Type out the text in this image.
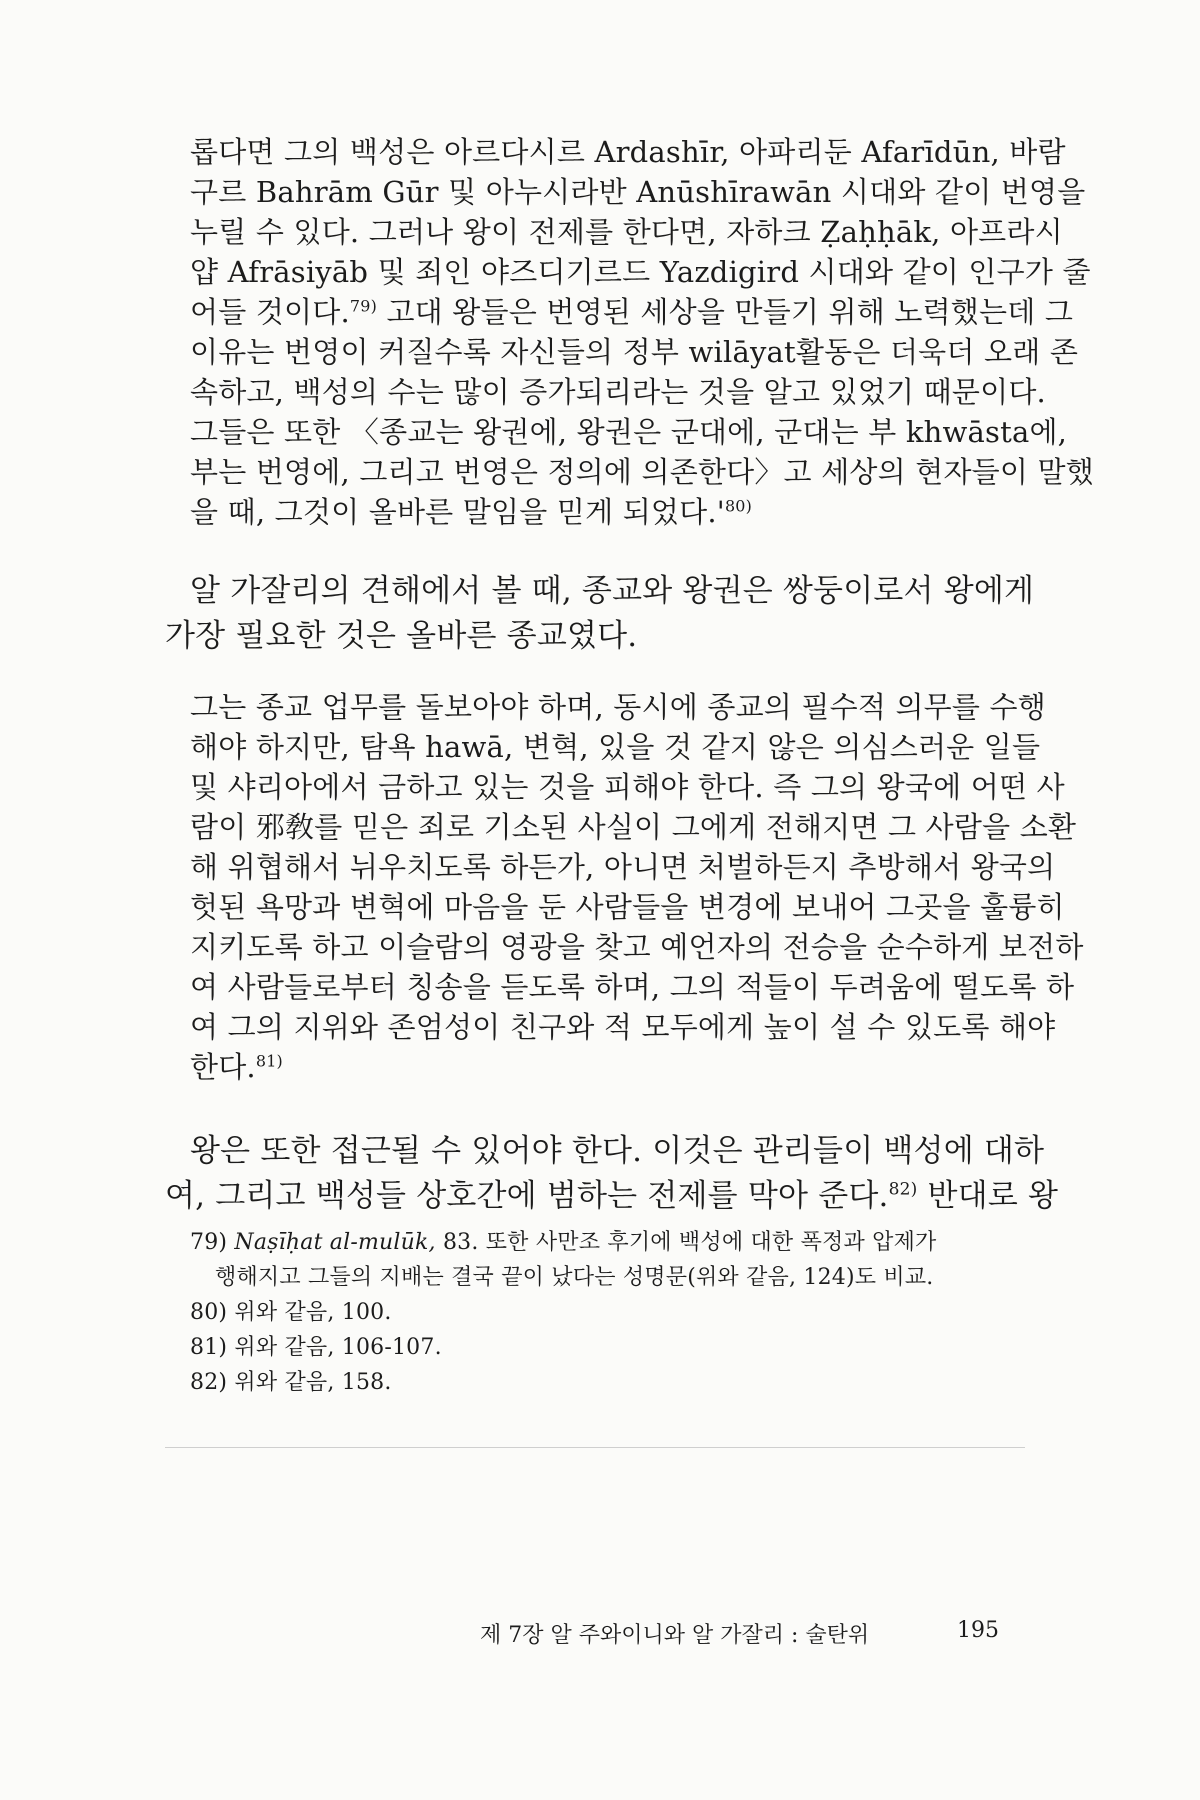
롭다면 그의 백성은 아르다시르 Ardashīr, 아파리둔 Afarīdūn, 바람
구르 Bahrām Gūr 및 아누시라반 Anūshīrawān 시대와 같이 번영을
누릴 수 있다. 그러나 왕이 전제를 한다면, 자하크 Ẓaḥḥāk, 아프라시
얍 Afrāsiyāb 및 죄인 야즈디기르드 Yazdigird 시대와 같이 인구가 줄
어들 것이다.$^{79)}$ 고대 왕들은 번영된 세상을 만들기 위해 노력했는데 그
이유는 번영이 커질수록 자신들의 정부 wilāyat활동은 더욱더 오래 존
속하고, 백성의 수는 많이 증가되리라는 것을 알고 있었기 때문이다.
그들은 또한 〈종교는 왕권에, 왕권은 군대에, 군대는 부 khwāsta에,
부는 번영에, 그리고 번영은 정의에 의존한다〉고 세상의 현자들이 말했
을 때, 그것이 올바른 말임을 믿게 되었다$.'^{80)}$
알 가잘리의 견해에서 볼 때, 종교와 왕권은 쌍둥이로서 왕에게
가장 필요한 것은 올바른 종교였다.
그는 종교 업무를 돌보아야 하며, 동시에 종교의 필수적 의무를 수행
해야 하지만, 탐욕 hawā, 변혁, 있을 것 같지 않은 의심스러운 일들
및 샤리아에서 금하고 있는 것을 피해야 한다. 즉 그의 왕국에 어떤 사
람이 邪敎를 믿은 죄로 기소된 사실이 그에게 전해지면 그 사람을 소환
해 위협해서 뉘우치도록 하든가, 아니면 처벌하든지 추방해서 왕국의
헛된 욕망과 변혁에 마음을 둔 사람들을 변경에 보내어 그곳을 훌륭히
지키도록 하고 이슬람의 영광을 찾고 예언자의 전승을 순수하게 보전하
여 사람들로부터 칭송을 듣도록 하며, 그의 적들이 두려움에 떨도록 하
여 그의 지위와 존엄성이 친구와 적 모두에게 높이 설 수 있도록 해야
한다.$^{81)}$
왕은 또한 접근될 수 있어야 한다. 이것은 관리들이 백성에 대하
여, 그리고 백성들 상호간에 범하는 전제를 막아 준다.$^{82)}$ 반대로 왕
79) Naṣīḥat al-mulūk, 83. 또한 사만조 후기에 백성에 대한 폭정과 압제가
행해지고 그들의 지배는 결국 끝이 났다는 성명문(위와 같음, 124)도 비교.
80) 위와 같음, 100.
81) 위와 같음, 106-107.
82) 위와 같음, 158.
제 7장 알 주와이니와 알 가잘리 : 술탄위	195
